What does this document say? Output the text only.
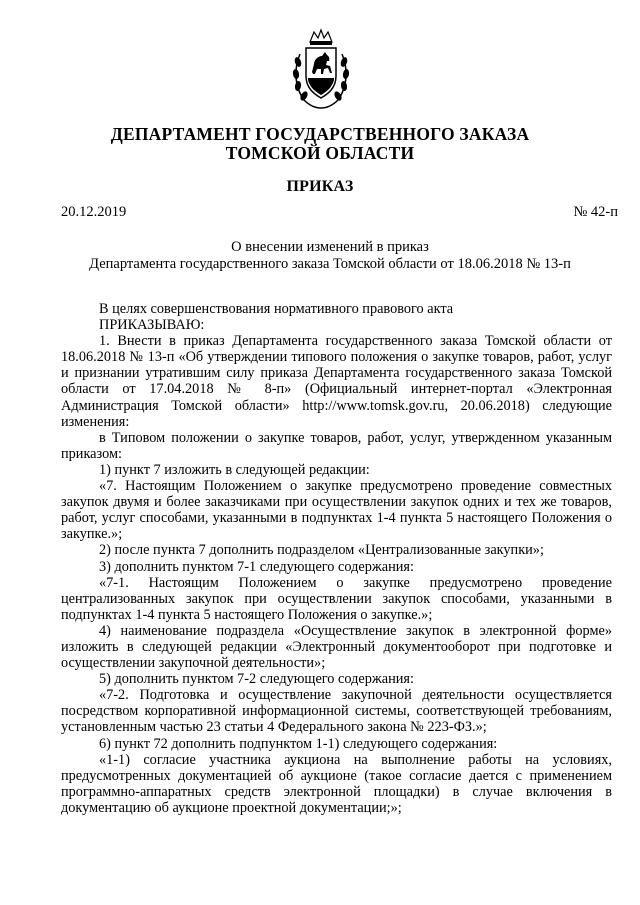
ДЕПАРТАМЕНТ ГОСУДАРСТВЕННОГО ЗАКАЗА
ТОМСКОЙ ОБЛАСТИ
ПРИКАЗ
20.12.2019	№ 42-п
О внесении изменений в приказ
Департамента государственного заказа Томской области от 18.06.2018 № 13-п

В целях совершенствования нормативного правового акта

ПРИКАЗЫВАЮ:

1. Внести в приказ Департамента государственного заказа Томской области от 18.06.2018 № 13-п «Об утверждении типового положения о закупке товаров, работ, услуг и признании утратившим силу приказа Департамента государственного заказа Томской области от 17.04.2018 № 8-п» (Официальный интернет-портал «Электронная Администрация Томской области» http://www.tomsk.gov.ru, 20.06.2018) следующие изменения:

в Типовом положении о закупке товаров, работ, услуг, утвержденном указанным приказом:

1) пункт 7 изложить в следующей редакции:

«7. Настоящим Положением о закупке предусмотрено проведение совместных закупок двумя и более заказчиками при осуществлении закупок одних и тех же товаров, работ, услуг способами, указанными в подпунктах 1-4 пункта 5 настоящего Положения о закупке.»;

2) после пункта 7 дополнить подразделом «Централизованные закупки»;

3) дополнить пунктом 7-1 следующего содержания:

«7-1. Настоящим Положением о закупке предусмотрено проведение централизованных закупок при осуществлении закупок способами, указанными в подпунктах 1-4 пункта 5 настоящего Положения о закупке.»;

4) наименование подраздела «Осуществление закупок в электронной форме» изложить в следующей редакции «Электронный документооборот при подготовке и осуществлении закупочной деятельности»;

5) дополнить пунктом 7-2 следующего содержания:

«7-2. Подготовка и осуществление закупочной деятельности осуществляется посредством корпоративной информационной системы, соответствующей требованиям, установленным частью 23 статьи 4 Федерального закона № 223-ФЗ.»;

6) пункт 72 дополнить подпунктом 1-1) следующего содержания:

«1-1) согласие участника аукциона на выполнение работы на условиях, предусмотренных документацией об аукционе (такое согласие дается с применением программно-аппаратных средств электронной площадки) в случае включения в документацию об аукционе проектной документации;»;
